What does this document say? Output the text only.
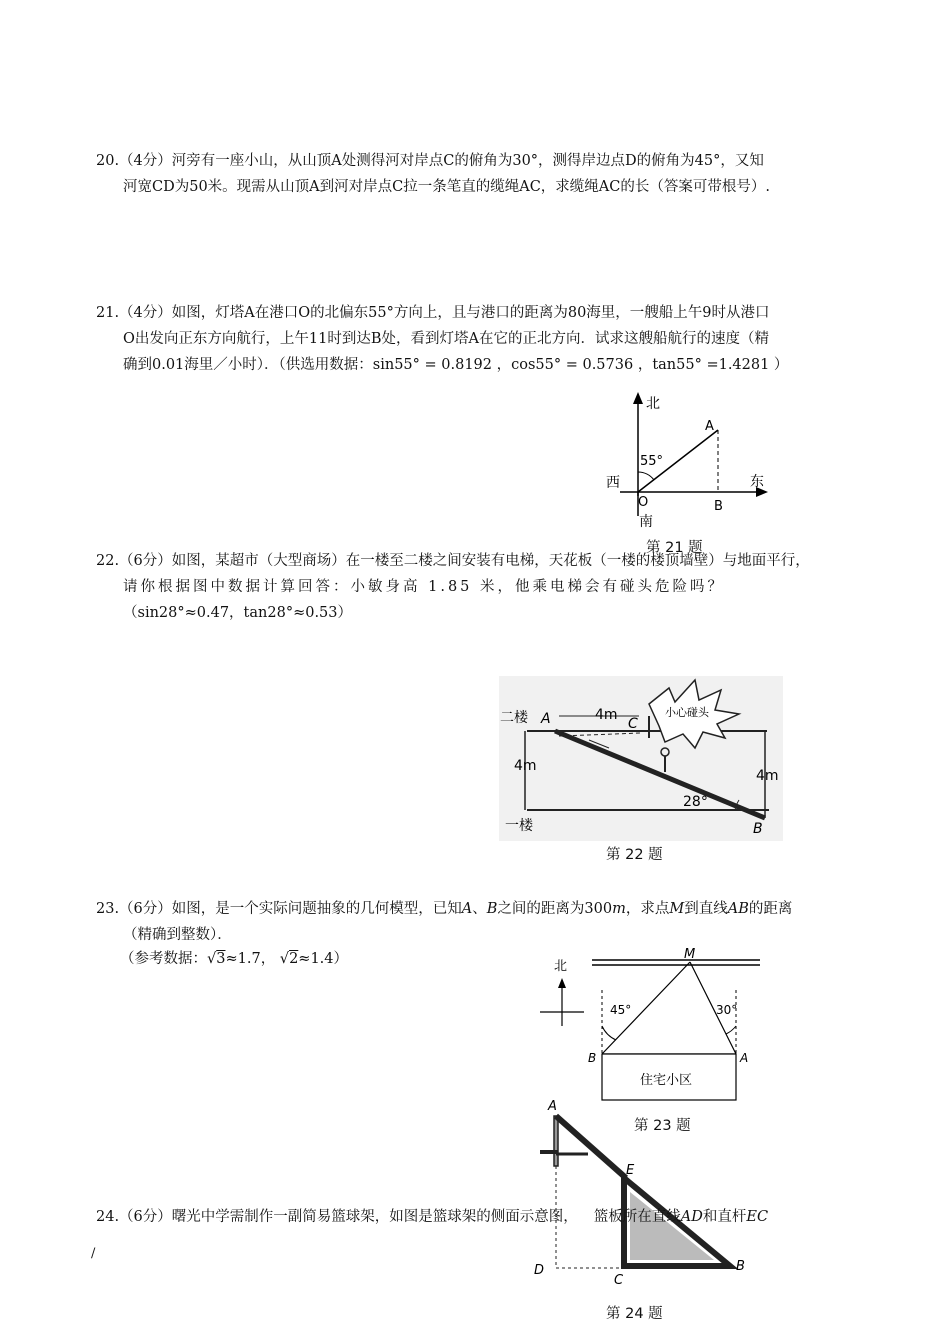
20.（4分）河旁有一座小山，从山顶A处测得河对岸点C的俯角为30°，测得岸边点D的俯角为45°，又知

河宽CD为50米。现需从山顶A到河对岸点C拉一条笔直的缆绳AC，求缆绳AC的长（答案可带根号）.

21.（4分）如图，灯塔A在港口O的北偏东55°方向上，且与港口的距离为80海里，一艘船上午9时从港口

O出发向正东方向航行，上午11时到达B处，看到灯塔A在它的正北方向．试求这艘船航行的速度（精

确到0.01海里／小时）．（供选用数据：sin55° = 0.8192 ，cos55° = 0.5736 ，tan55° =1.4281 ）

北
A
55°
西	东
O	B
南
第 21 题

22.（6分）如图，某超市（大型商场）在一楼至二楼之间安装有电梯，天花板（一楼的楼顶墙壁）与地面平行，

请你根据图中数据计算回答：小敏身高 1.85 米，他乘电梯会有碰头危险吗？

（sin28°≈0.47，tan28°≈0.53）

二楼 A	4m
C
小心碰头
4m
4m
28°
一楼	B
第 22 题

23.（6分）如图，是一个实际问题抽象的几何模型，已知A、B之间的距离为300m，求点M到直线AB的距离

（精确到整数）．

（参考数据：√3≈1.7， √2≈1.4）	北
M
45°	30°
B	A
住宅小区
第 23 题
A
E
D
C
B
第 24 题

24.（6分）曙光中学需制作一副简易篮球架，如图是篮球架的侧面示意图， 篮板所在直线AD和直杆EC

/
